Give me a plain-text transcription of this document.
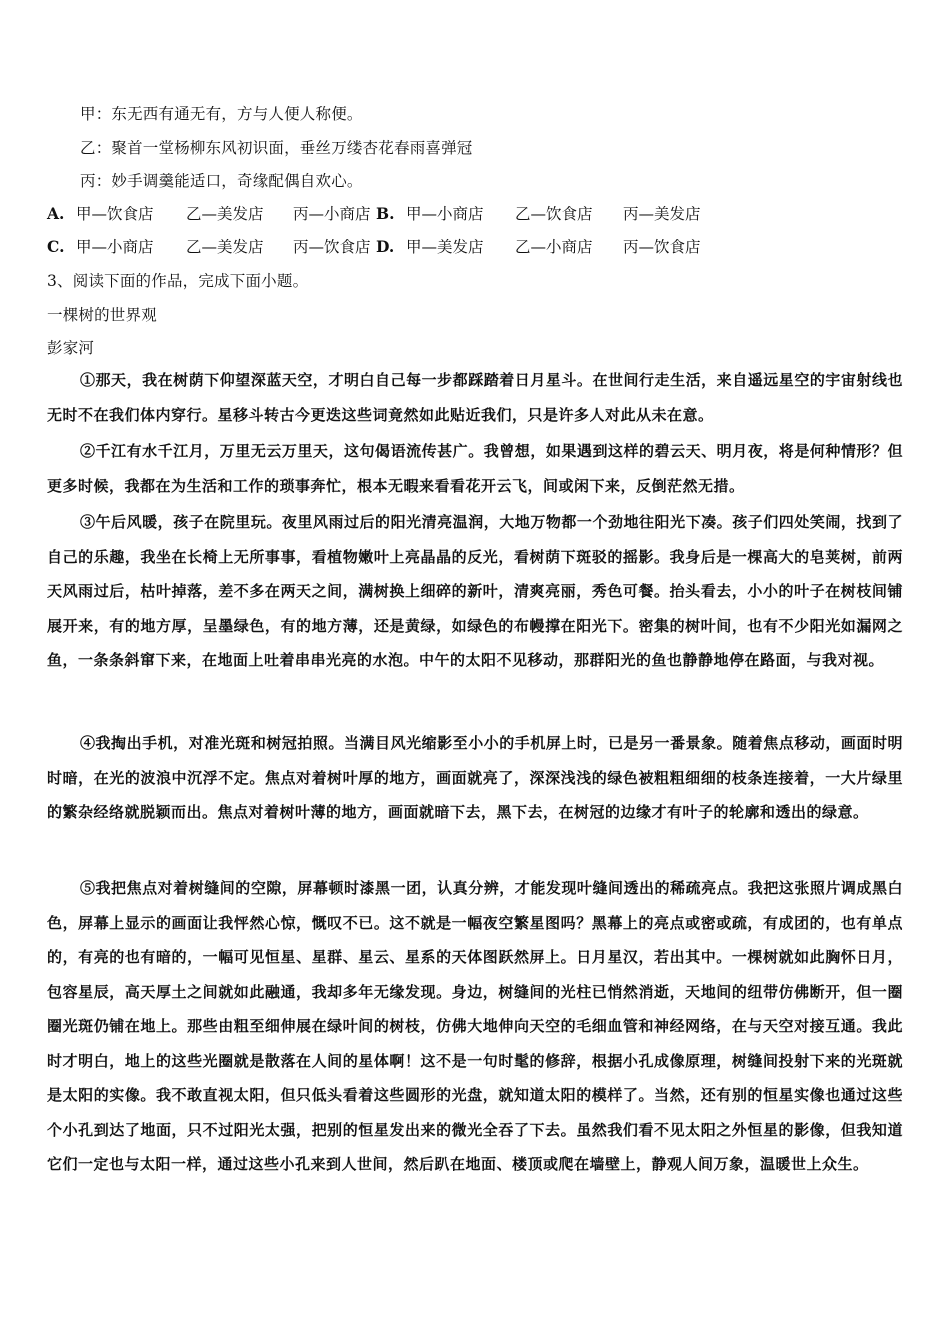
甲：东无西有通无有，方与人便人称便。
乙：聚首一堂杨柳东风初识面，垂丝万缕杏花春雨喜弹冠
丙：妙手调羹能适口，奇缘配偶自欢心。
A. 甲—饮食店 乙—美发店 丙—小商店 B. 甲—小商店 乙—饮食店 丙—美发店
C. 甲—小商店 乙—美发店 丙—饮食店 D. 甲—美发店 乙—小商店 丙—饮食店
3、阅读下面的作品，完成下面小题。
一棵树的世界观
彭家河
①那天，我在树荫下仰望深蓝天空，才明白自己每一步都踩踏着日月星斗。在世间行走生活，来自遥远星空的宇宙射线也无时不在我们体内穿行。星移斗转古今更迭这些词竟然如此贴近我们，只是许多人对此从未在意。
②千江有水千江月，万里无云万里天，这句偈语流传甚广。我曾想，如果遇到这样的碧云天、明月夜，将是何种情形？但更多时候，我都在为生活和工作的琐事奔忙，根本无暇来看看花开云飞，间或闲下来，反倒茫然无措。
③午后风暖，孩子在院里玩。夜里风雨过后的阳光清亮温润，大地万物都一个劲地往阳光下凑。孩子们四处笑闹，找到了自己的乐趣，我坐在长椅上无所事事，看植物嫩叶上亮晶晶的反光，看树荫下斑驳的摇影。我身后是一棵高大的皂荚树，前两天风雨过后，枯叶掉落，差不多在两天之间，满树换上细碎的新叶，清爽亮丽，秀色可餐。抬头看去，小小的叶子在树枝间铺展开来，有的地方厚，呈墨绿色，有的地方薄，还是黄绿，如绿色的布幔撑在阳光下。密集的树叶间，也有不少阳光如漏网之鱼，一条条斜窜下来，在地面上吐着串串光亮的水泡。中午的太阳不见移动，那群阳光的鱼也静静地停在路面，与我对视。
④我掏出手机，对准光斑和树冠拍照。当满目风光缩影至小小的手机屏上时，已是另一番景象。随着焦点移动，画面时明时暗，在光的波浪中沉浮不定。焦点对着树叶厚的地方，画面就亮了，深深浅浅的绿色被粗粗细细的枝条连接着，一大片绿里的繁杂经络就脱颖而出。焦点对着树叶薄的地方，画面就暗下去，黑下去，在树冠的边缘才有叶子的轮廓和透出的绿意。
⑤我把焦点对着树缝间的空隙，屏幕顿时漆黑一团，认真分辨，才能发现叶缝间透出的稀疏亮点。我把这张照片调成黑白色，屏幕上显示的画面让我怦然心惊，慨叹不已。这不就是一幅夜空繁星图吗？黑幕上的亮点或密或疏，有成团的，也有单点的，有亮的也有暗的，一幅可见恒星、星群、星云、星系的天体图跃然屏上。日月星汉，若出其中。一棵树就如此胸怀日月，包容星辰，高天厚土之间就如此融通，我却多年无缘发现。身边，树缝间的光柱已悄然消逝，天地间的纽带仿佛断开，但一圈圈光斑仍铺在地上。那些由粗至细伸展在绿叶间的树枝，仿佛大地伸向天空的毛细血管和神经网络，在与天空对接互通。我此时才明白，地上的这些光圈就是散落在人间的星体啊！这不是一句时髦的修辞，根据小孔成像原理，树缝间投射下来的光斑就是太阳的实像。我不敢直视太阳，但只低头看着这些圆形的光盘，就知道太阳的模样了。当然，还有别的恒星实像也通过这些个小孔到达了地面，只不过阳光太强，把别的恒星发出来的微光全吞了下去。虽然我们看不见太阳之外恒星的影像，但我知道它们一定也与太阳一样，通过这些小孔来到人世间，然后趴在地面、楼顶或爬在墙壁上，静观人间万象，温暖世上众生。
